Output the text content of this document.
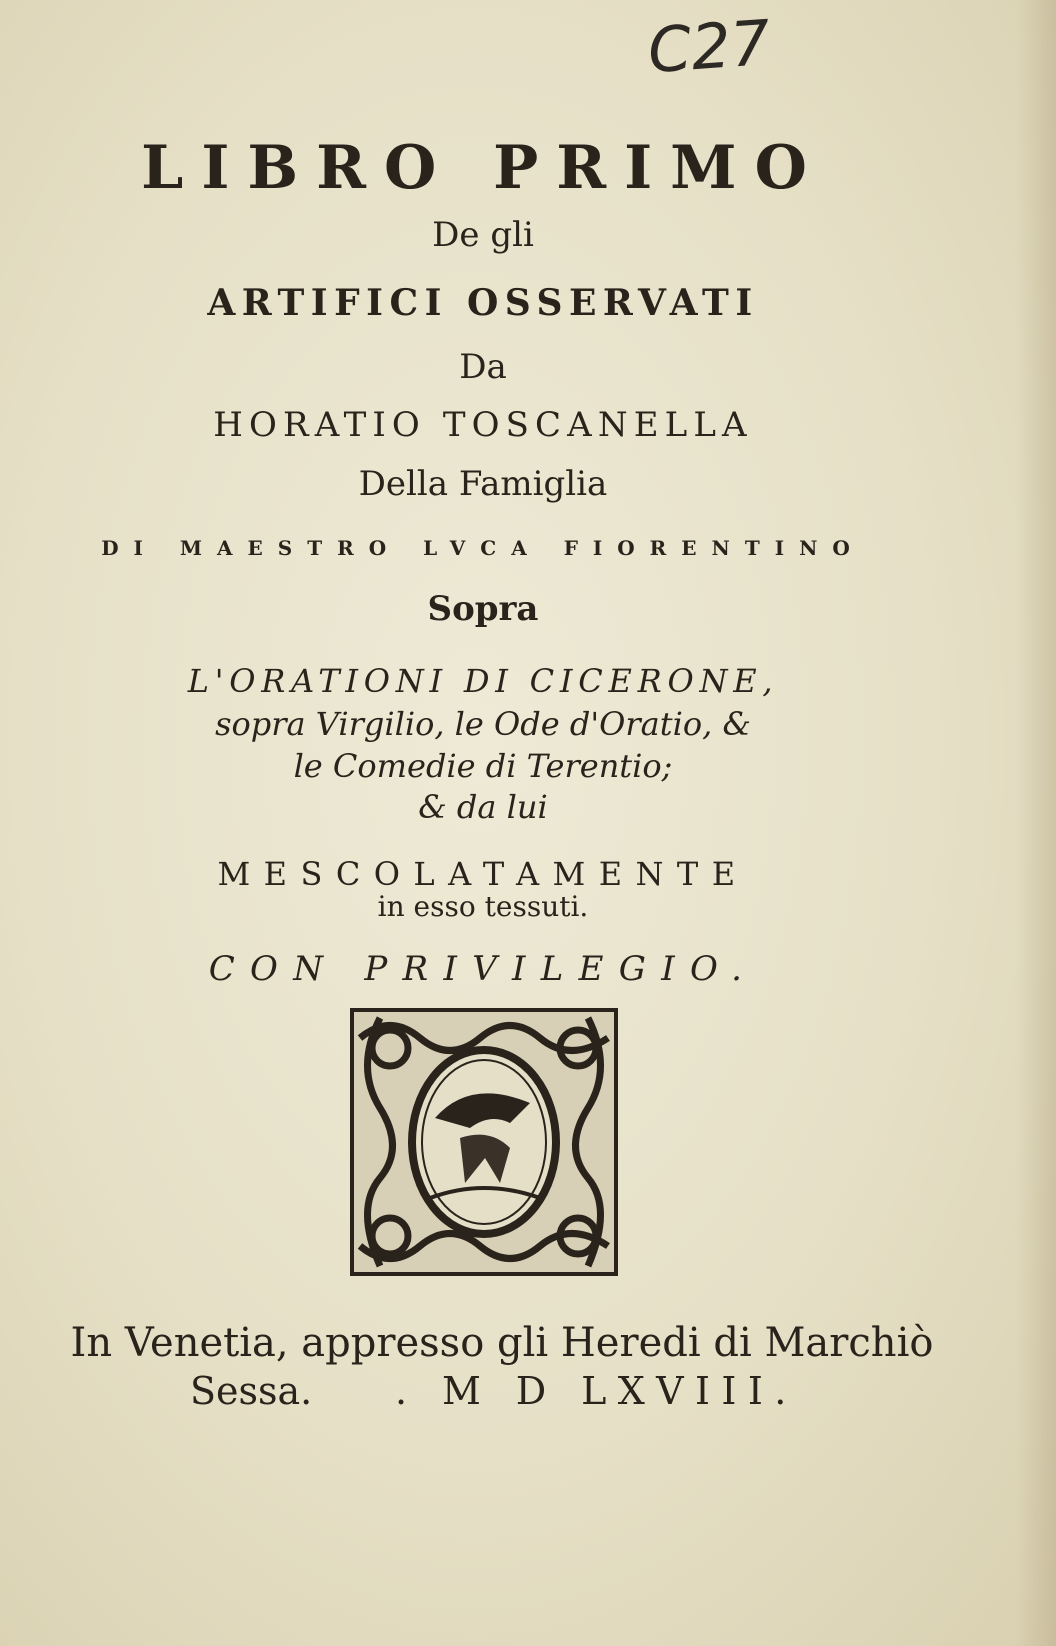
C27
LIBRO PRIMO
De gli
ARTIFICI OSSERVATI
Da
HORATIO TOSCANELLA
Della Famiglia
DI MAESTRO LVCA FIORENTINO
Sopra
L'ORATIONI DI CICERONE,
sopra Virgilio, le Ode d'Oratio, &
le Comedie di Terentio;
& da lui
MESCOLATAMENTE
in esso tessuti.
CON PRIVILEGIO.
In Venetia, appresso gli Heredi di Marchiò
Sessa. . M D LXVIII.
